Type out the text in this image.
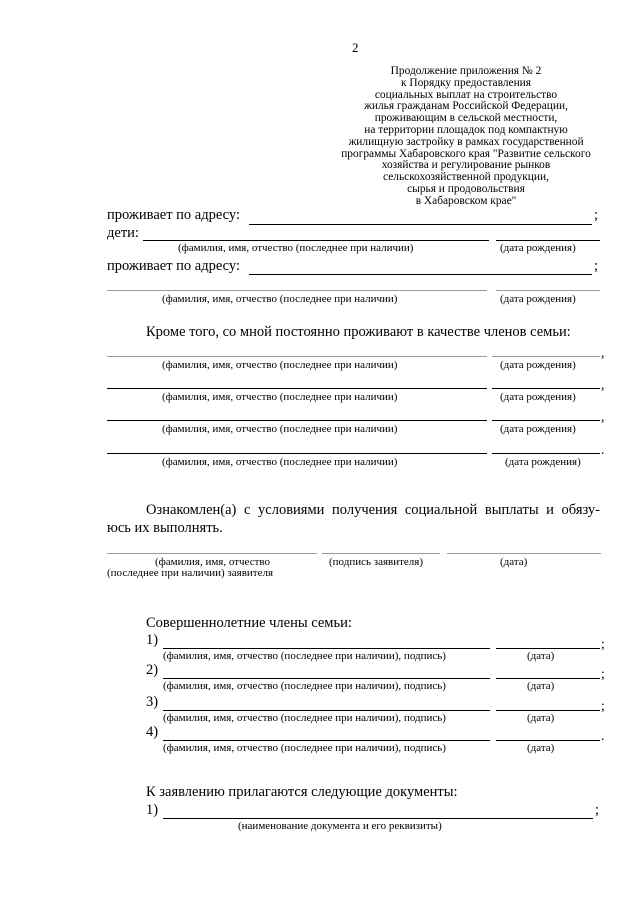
2
Продолжение приложения № 2
к Порядку предоставления
социальных выплат на строительство
жилья гражданам Российской Федерации,
проживающим в сельской местности,
на территории площадок под компактную
жилищную застройку в рамках государственной
программы Хабаровского края "Развитие сельского
хозяйства и регулирование рынков
сельскохозяйственной продукции,
сырья и продовольствия
в Хабаровском крае"
проживает по адресу:	;
дети:
(фамилия, имя, отчество (последнее при наличии)	(дата рождения)
проживает по адресу:	;
(фамилия, имя, отчество (последнее при наличии)	(дата рождения)
Кроме того, со мной постоянно проживают в качестве членов семьи:
,
(фамилия, имя, отчество (последнее при наличии)	(дата рождения)
,
(фамилия, имя, отчество (последнее при наличии)	(дата рождения)
,
(фамилия, имя, отчество (последнее при наличии)	(дата рождения)
.
(фамилия, имя, отчество (последнее при наличии)	(дата рождения)
Ознакомлен(а) с условиями получения социальной выплаты и обязу-
юсь их выполнять.
(фамилия, имя, отчество
(последнее при наличии) заявителя
(подпись заявителя)	(дата)
Совершеннолетние члены семьи:
1)	;
(фамилия, имя, отчество (последнее при наличии), подпись)	(дата)
2)	;
(фамилия, имя, отчество (последнее при наличии), подпись)	(дата)
3)	;
(фамилия, имя, отчество (последнее при наличии), подпись)	(дата)
4)	.
(фамилия, имя, отчество (последнее при наличии), подпись)	(дата)
К заявлению прилагаются следующие документы:
1)	;
(наименование документа и его реквизиты)
